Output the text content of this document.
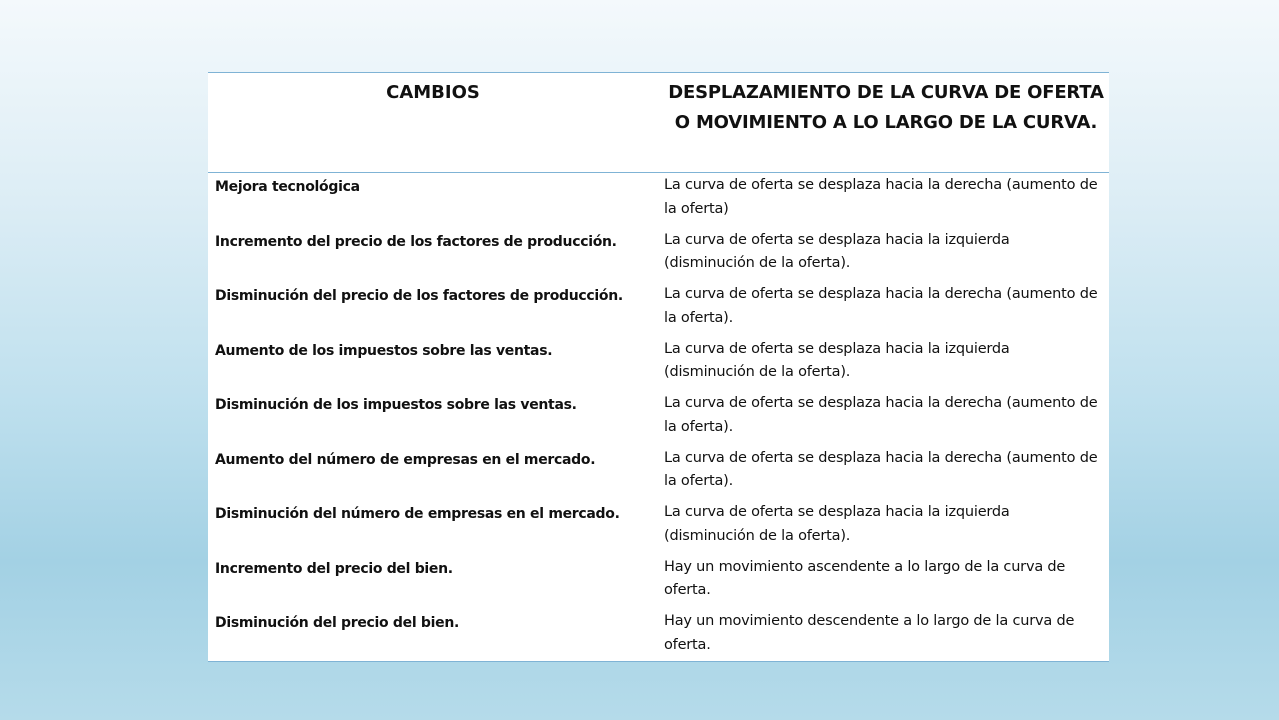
CAMBIOS	DESPLAZAMIENTO DE LA CURVA DE OFERTA O MOVIMIENTO A LO LARGO DE LA CURVA.
Mejora tecnológica	La curva de oferta se desplaza hacia la derecha (aumento de la oferta)
Incremento del precio de los factores de producción.	La curva de oferta se desplaza hacia la izquierda (disminución de la oferta).
Disminución del precio de los factores de producción.	La curva de oferta se desplaza hacia la derecha (aumento de la oferta).
Aumento de los impuestos sobre las ventas.	La curva de oferta se desplaza hacia la izquierda (disminución de la oferta).
Disminución de los impuestos sobre las ventas.	La curva de oferta se desplaza hacia la derecha (aumento de la oferta).
Aumento del número de empresas en el mercado.	La curva de oferta se desplaza hacia la derecha (aumento de la oferta).
Disminución del número de empresas en el mercado.	La curva de oferta se desplaza hacia la izquierda (disminución de la oferta).
Incremento del precio del bien.	Hay un movimiento ascendente a lo largo de la curva de oferta.
Disminución del precio del bien.	Hay un movimiento descendente a lo largo de la curva de oferta.
